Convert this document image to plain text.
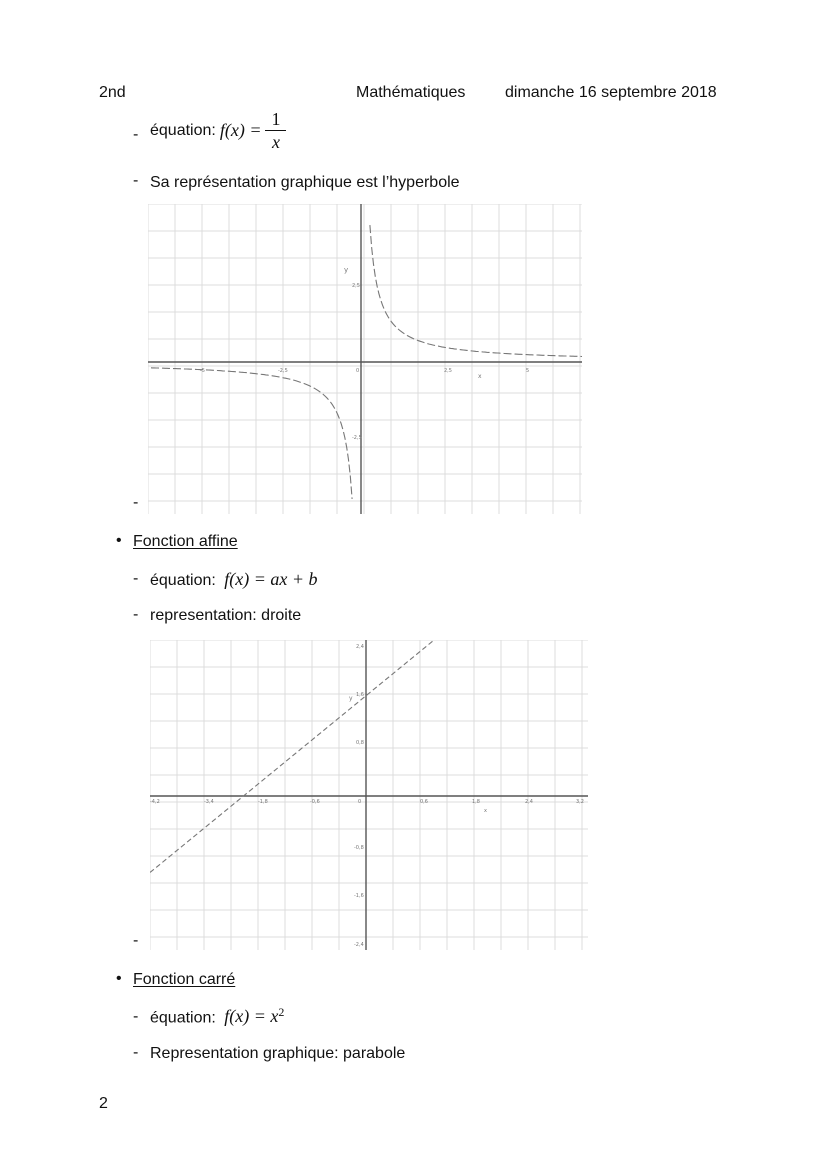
2nd	Mathématiques dimanche 16 septembre 2018
- équation: $f(x) = \frac{1}{x}$
- Sa représentation graphique est l’hyperbole
y
x
-5	-2,5	0	2,5	5
2,5
-2,5
-
• Fonction affine
- équation: f(x) = ax + b
- representation: droite
y
x
-4,2	-3,4	-1,8	-0,6	0	0,6	1,8	2,4	3,2
2,4
1,6
0,8
-0,8
-1,6
-2,4
-
• Fonction carré
- équation: $f(x) = x^2$
- Representation graphique: parabole
2
